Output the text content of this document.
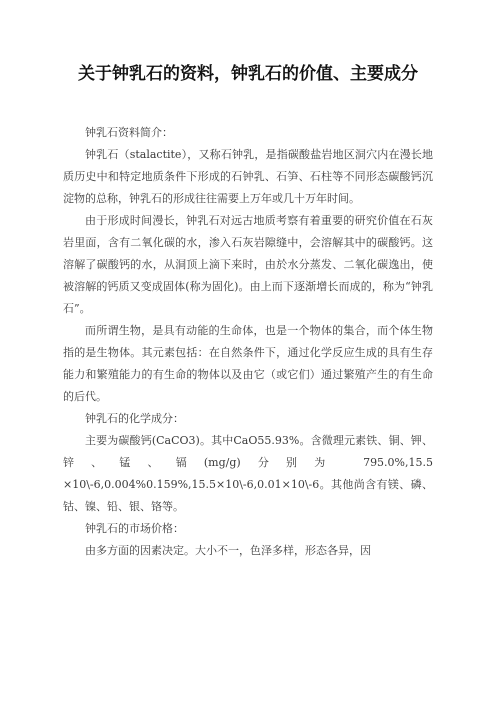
关于钟乳石的资料，钟乳石的价值、主要成分

钟乳石资料简介：

钟乳石（stalactite），又称石钟乳，是指碳酸盐岩地区洞穴内在漫长地质历史中和特定地质条件下形成的石钟乳、石笋、石柱等不同形态碳酸钙沉淀物的总称，钟乳石的形成往往需要上万年或几十万年时间。

由于形成时间漫长，钟乳石对远古地质考察有着重要的研究价值在石灰岩里面，含有二氧化碳的水，渗入石灰岩隙缝中，会溶解其中的碳酸钙。这溶解了碳酸钙的水，从洞顶上滴下来时，由於水分蒸发、二氧化碳逸出，使被溶解的钙质又变成固体(称为固化)。由上而下逐渐增长而成的，称为“钟乳石”。

而所谓生物，是具有动能的生命体，也是一个物体的集合，而个体生物指的是生物体。其元素包括：在自然条件下，通过化学反应生成的具有生存能力和繁殖能力的有生命的物体以及由它（或它们）通过繁殖产生的有生命的后代。

钟乳石的化学成分：

主要为碳酸钙(CaCO3)。其中CaO55.93%。含微理元素铁、铜、钾、锌、锰、镉(mg/g)分别为 795.0%,15.5 ×10\-6,0.004%0.159%,15.5×10\-6,0.01×10\-6。其他尚含有镁、磷、钴、镍、铅、银、铬等。

钟乳石的市场价格：

由多方面的因素决定。大小不一，色泽多样，形态各异，因
